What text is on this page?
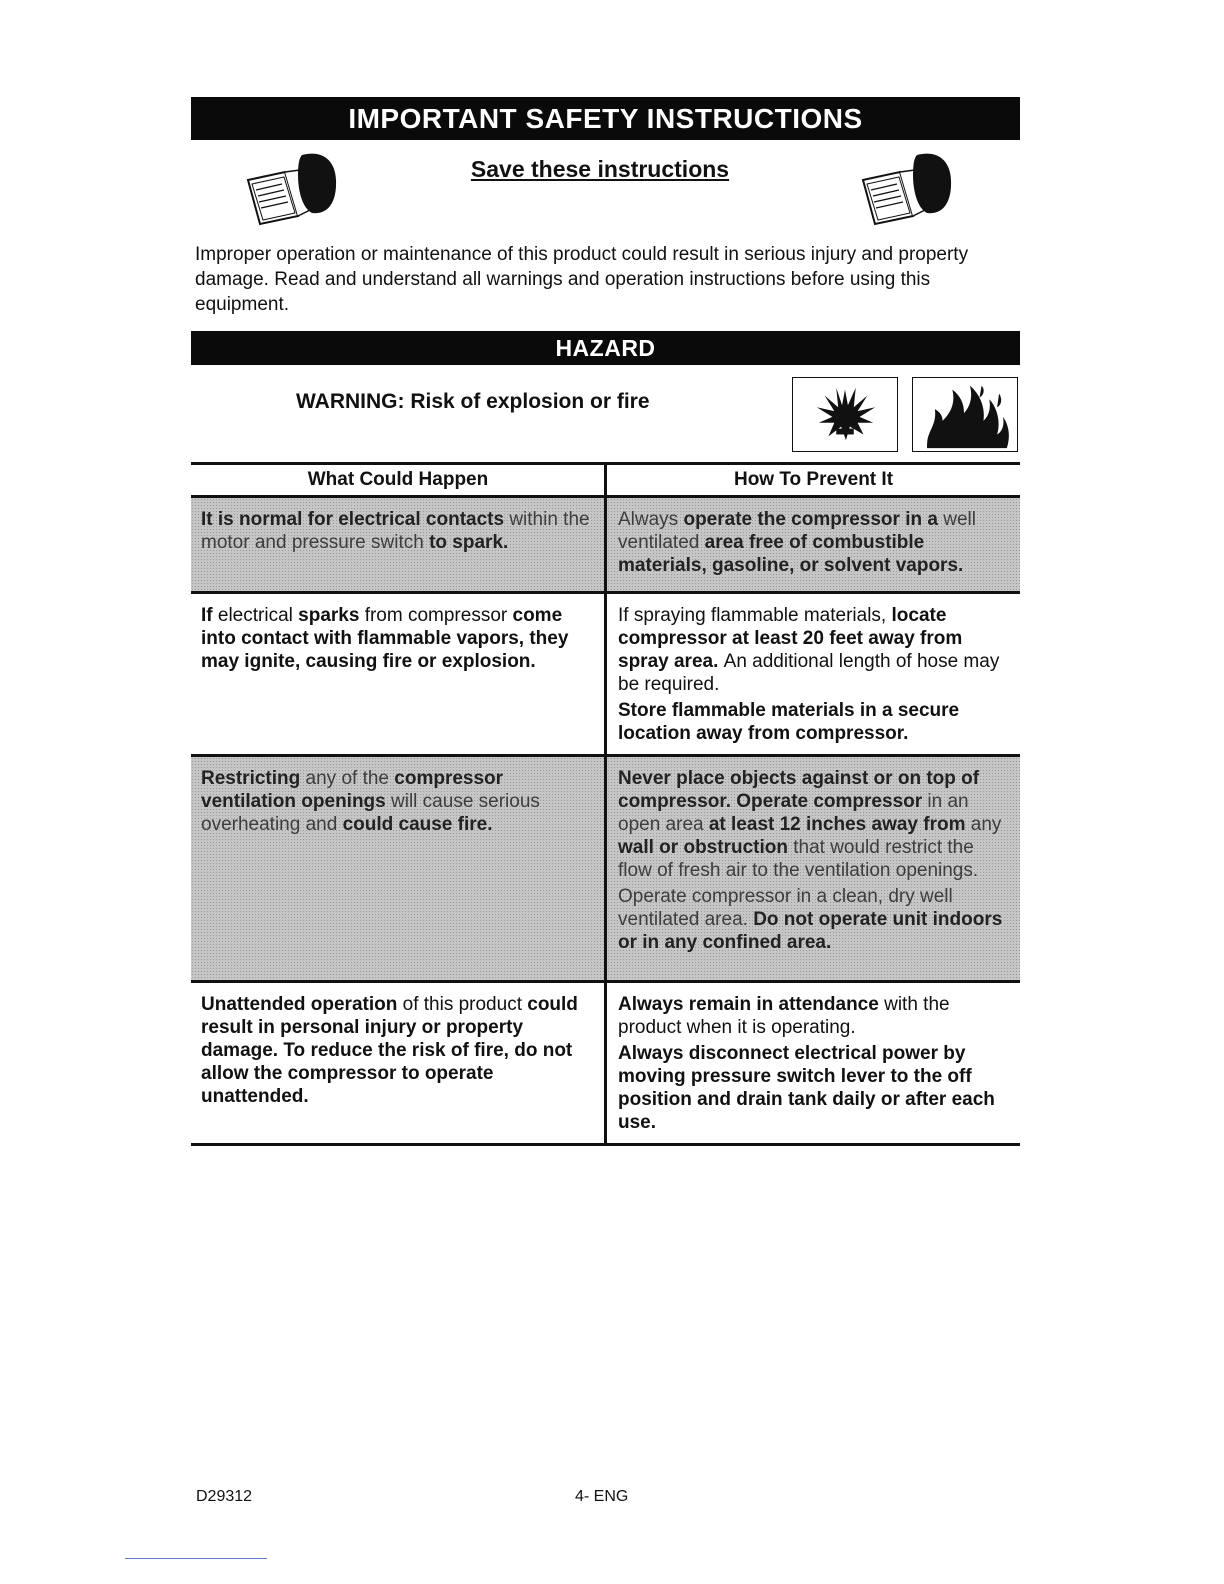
IMPORTANT SAFETY INSTRUCTIONS
Save these instructions
Improper operation or maintenance of this product could result in serious injury and property damage. Read and understand all warnings and operation instructions before using this equipment.
HAZARD
WARNING: Risk of explosion or fire
What Could Happen	How To Prevent It
It is normal for electrical contacts within the motor and pressure switch to spark.
Always operate the compressor in a well ventilated area free of combustible materials, gasoline, or solvent vapors.
If electrical sparks from compressor come into contact with flammable vapors, they may ignite, causing fire or explosion.
If spraying flammable materials, locate compressor at least 20 feet away from spray area. An additional length of hose may be required.
Store flammable materials in a secure location away from compressor.
Restricting any of the compressor ventilation openings will cause serious overheating and could cause fire.
Never place objects against or on top of compressor. Operate compressor in an open area at least 12 inches away from any wall or obstruction that would restrict the flow of fresh air to the ventilation openings.
Operate compressor in a clean, dry well ventilated area. Do not operate unit indoors or in any confined area.
Unattended operation of this product could result in personal injury or property damage. To reduce the risk of fire, do not allow the compressor to operate unattended.
Always remain in attendance with the product when it is operating.
Always disconnect electrical power by moving pressure switch lever to the off position and drain tank daily or after each use.
D29312	4- ENG
